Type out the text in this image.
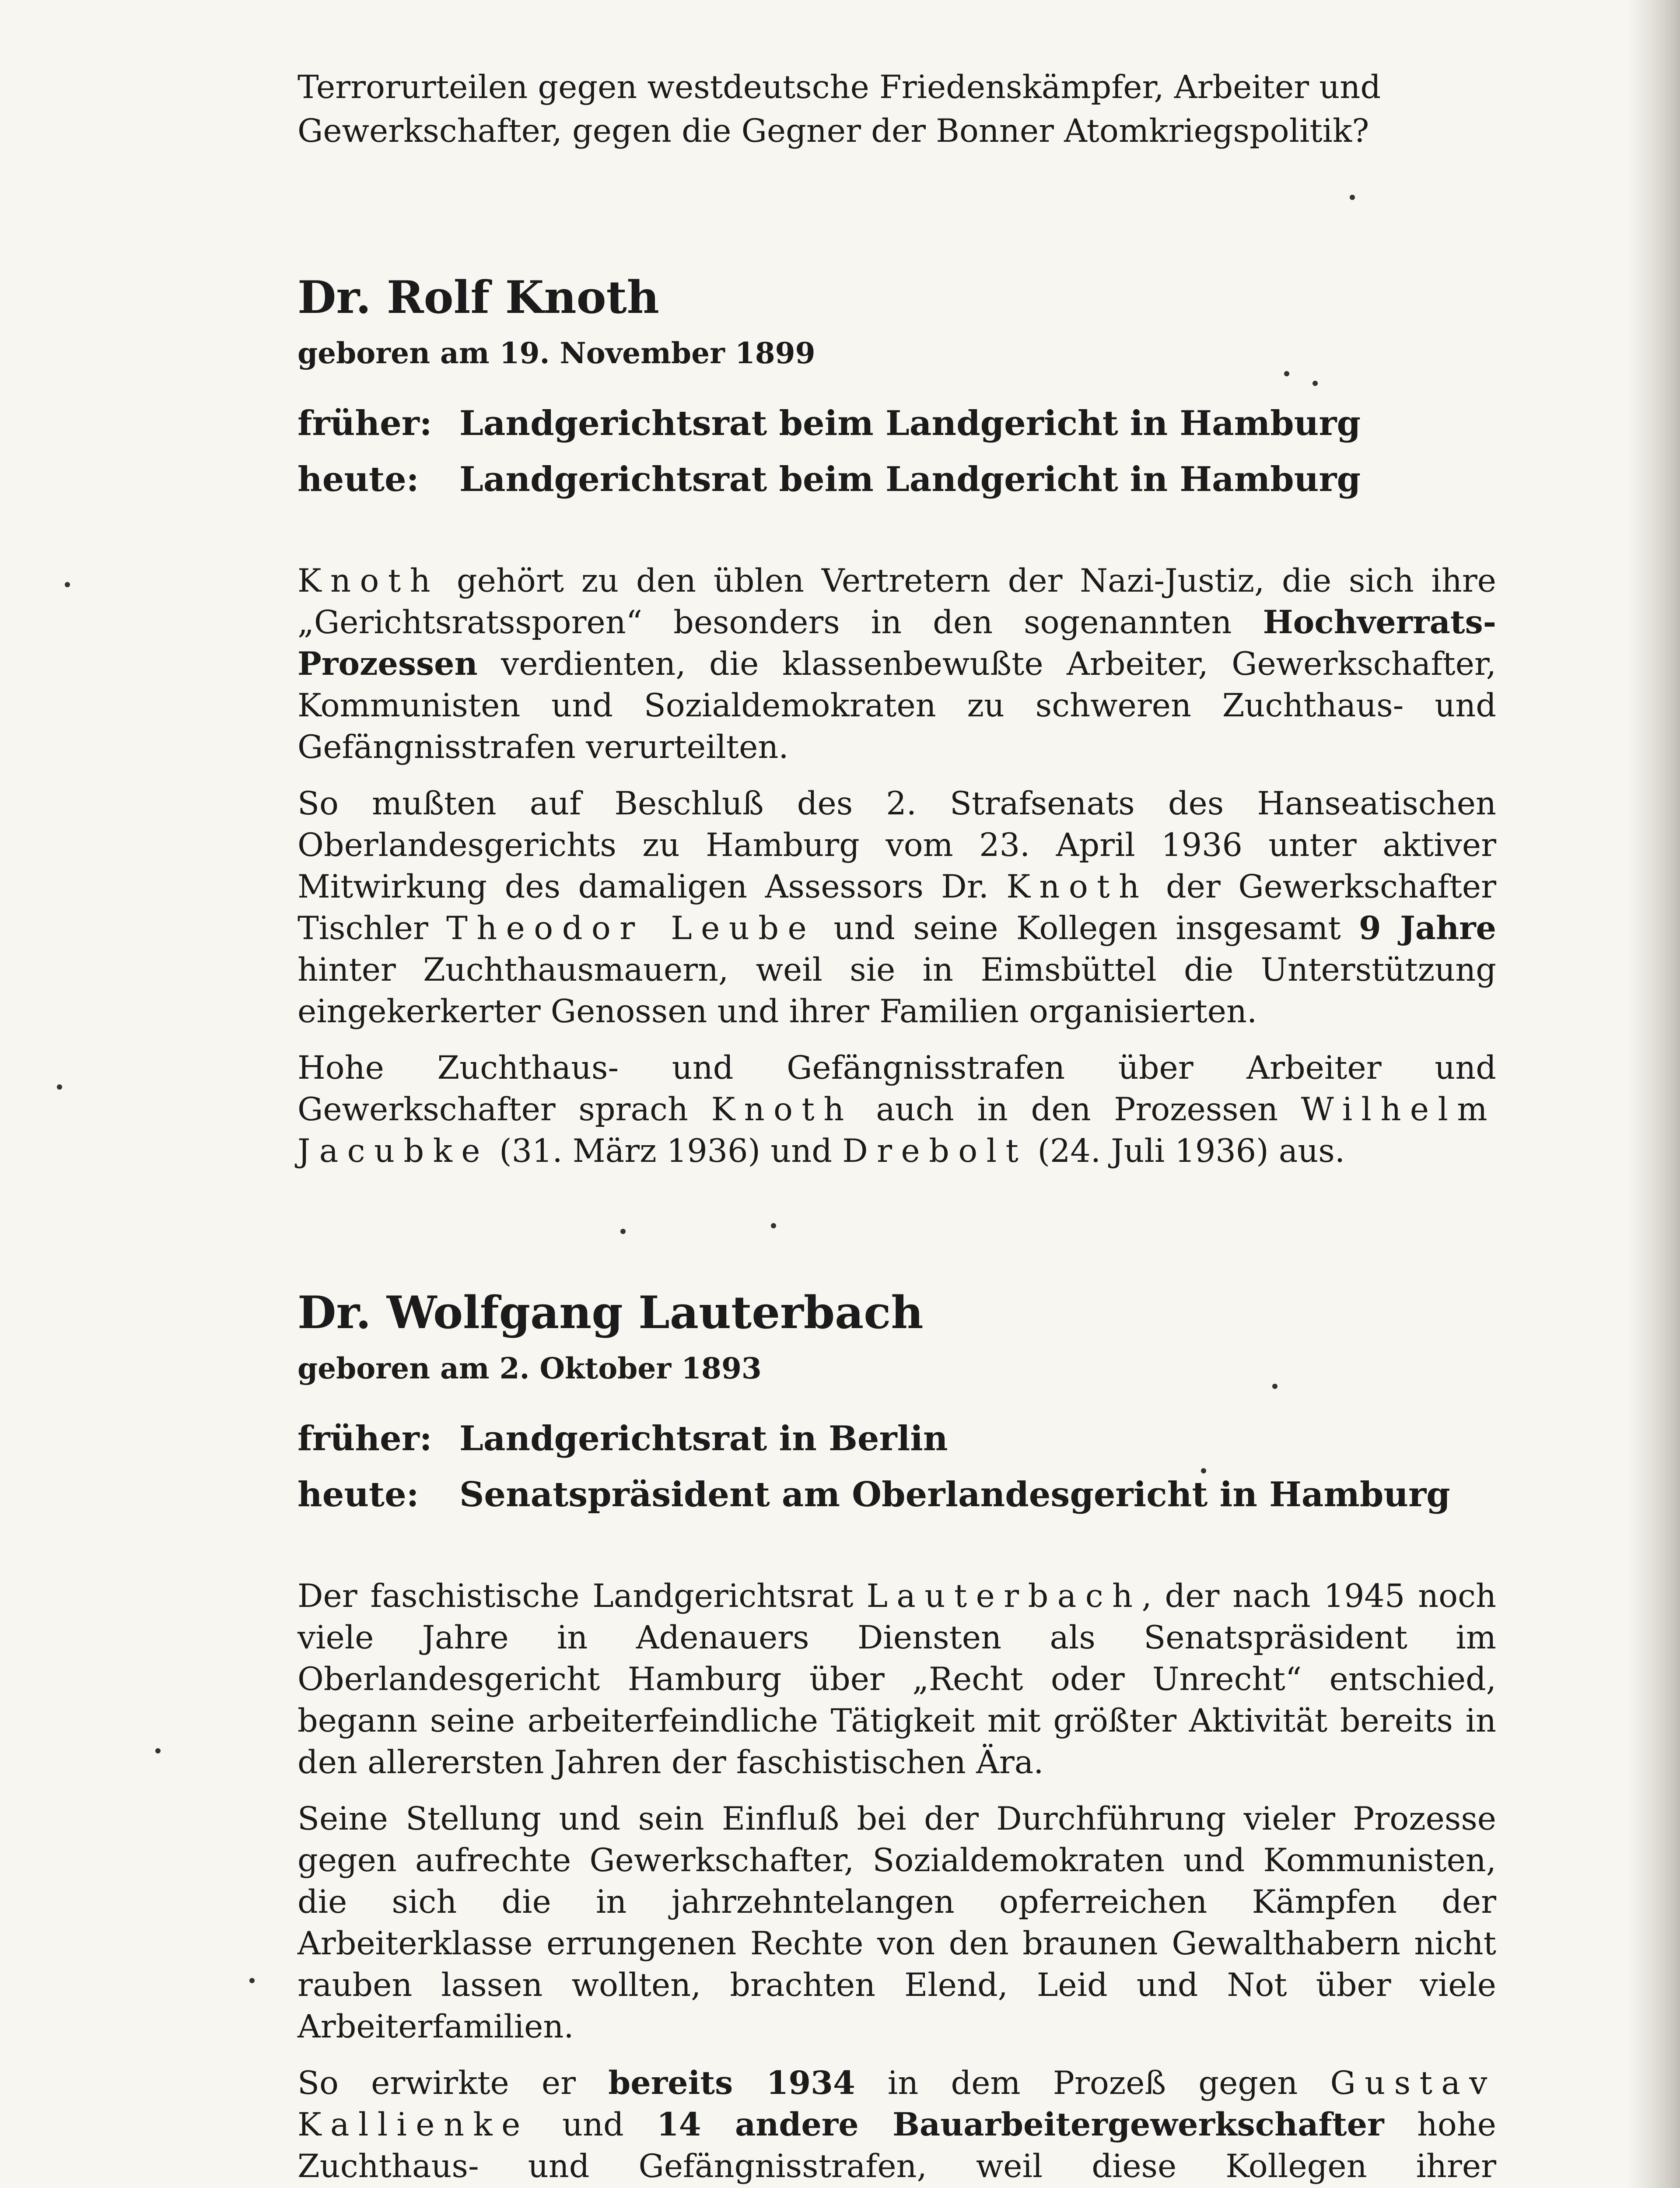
Terrorurteilen gegen westdeutsche Friedenskämpfer, Arbeiter und
Gewerkschafter, gegen die Gegner der Bonner Atomkriegspolitik?
Dr. Rolf Knoth
geboren am 19. November 1899
früher: Landgerichtsrat beim Landgericht in Hamburg
heute:	Landgerichtsrat beim Landgericht in Hamburg

Knoth gehört zu den üblen Vertretern der Nazi-Justiz, die sich ihre „Gerichtsratssporen“ besonders in den sogenannten Hochverrats-Prozessen verdienten, die klassenbewußte Arbeiter, Gewerkschafter, Kommunisten und Sozialdemokraten zu schweren Zuchthaus- und Gefängnisstrafen verurteilten.

So mußten auf Beschluß des 2. Strafsenats des Hanseatischen Oberlandesgerichts zu Hamburg vom 23. April 1936 unter aktiver Mitwirkung des damaligen Assessors Dr. Knoth der Gewerkschafter Tischler Theodor Leube und seine Kollegen insgesamt 9 Jahre hinter Zuchthausmauern, weil sie in Eimsbüttel die Unterstützung eingekerkerter Genossen und ihrer Familien organisierten.

Hohe Zuchthaus- und Gefängnisstrafen über Arbeiter und Gewerkschafter sprach Knoth auch in den Prozessen Wilhelm Jacubke (31. März 1936) und Drebolt (24. Juli 1936) aus.

Dr. Wolfgang Lauterbach
geboren am 2. Oktober 1893
früher: Landgerichtsrat in Berlin
heute:	Senatspräsident am Oberlandesgericht in Hamburg

Der faschistische Landgerichtsrat Lauterbach, der nach 1945 noch viele Jahre in Adenauers Diensten als Senatspräsident im Oberlandesgericht Hamburg über „Recht oder Unrecht“ entschied, begann seine arbeiterfeindliche Tätigkeit mit größter Aktivität bereits in den allerersten Jahren der faschistischen Ära.

Seine Stellung und sein Einfluß bei der Durchführung vieler Prozesse gegen aufrechte Gewerkschafter, Sozialdemokraten und Kommunisten, die sich die in jahrzehntelangen opferreichen Kämpfen der Arbeiterklasse errungenen Rechte von den braunen Gewalthabern nicht rauben lassen wollten, brachten Elend, Leid und Not über viele Arbeiterfamilien.

So erwirkte er bereits 1934 in dem Prozeß gegen Gustav Kallienke und 14 andere Bauarbeitergewerkschafter hohe Zuchthaus- und Gefängnisstrafen, weil diese Kollegen ihrer
